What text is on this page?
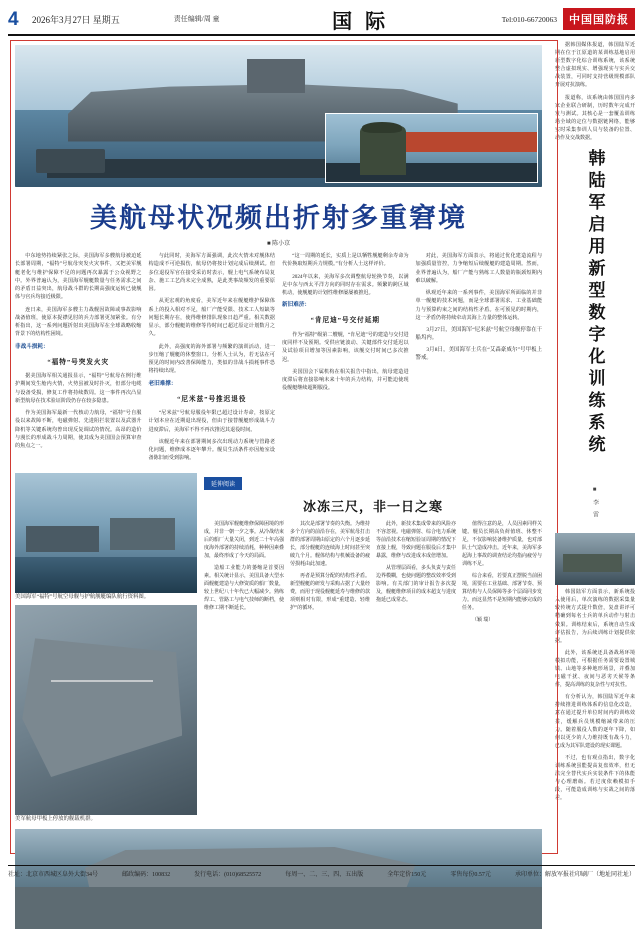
4	2026年3月27日 星期五	责任编辑/周 童	国 际	Tel:010-66720063	中国国防报
美航母状况频出折射多重窘境
■ 陈小京

中东地势持续紧张之际，美国海军多艘航母被迫延长部署周期，“福特”号航母突发火灾事件，又把美军舰艇老化与维护保障不足的问题再次暴露于公众视野之中。外界普遍认为，美国海军舰艇数量与任务需求之间的矛盾日益突出，航母战斗群的长期高强度运转已使舰体与官兵均接近极限。

连日来，美国海军多艘主力战舰因故障或事故影响战备值班，使原本捉襟见肘的兵力部署更加紧张。有分析指出，这一系列问题折射出美国海军在全球战略收缩背景下的结构性困境。

非战斗损耗：
“福特”号突发火灾

据美国海军相关通报显示，“福特”号航母在例行维护期间发生舱内火情，火势虽被及时扑灭，但部分电缆与设备受损，修复工作将持续数周。这一事件再次凸显新型航母在技术验证阶段仍存在较多隐患。

作为美国海军最新一代核动力航母，“福特”号自服役以来故障不断，电磁弹射、先进阻拦装置以及武器升降机等关键系统均曾出现反复调试的情况。高昂的造价与漫长的形成战斗力周期，使其成为美国国会预算审查的焦点之一。

与此同时，美海军方面强调，此次火情未对舰体结构造成不可逆损伤，航母仍将按计划完成后续测试。但多位退役军官在接受采访时表示，舰上电气系统布局复杂、施工工艺尚未完全成熟，是此类事故频发的重要原因。

从更宏观的角度看，美军近年来在舰艇维护保障体系上的投入相对不足，船厂产能受限、技术工人短缺等问题长期存在，使得维修排队现象日趋严重。相关数据显示，部分舰艇的维修等待时间已超过原定计划数月之久。

此外，高强度的海外部署与频繁的演训活动，进一步压缩了舰艇的休整窗口。分析人士认为，若无法在可预见的时间内改善保障能力，类似的非战斗损耗事件恐将持续出现。

老旧难撑：
“尼米兹”号推迟退役

“尼米兹”号航母服役年限已超过设计寿命，按原定计划本应在近期退出现役，但由于接替舰艇形成战斗力进度滞后，美海军不得不再次推迟其退役时间。

该舰近年来在部署期间多次出现动力系统与管路老化问题，维修成本逐年攀升。舰员生活条件亦因舱室设备陈旧而受到影响。

“这一周期的延长，实质上是以牺牲舰艇剩余寿命为代价换取短期兵力规模。”有分析人士这样评价。

2024年以来，美海军多次调整航母轮换节奏，以满足中东与西太平洋方向的同时存在需求。频繁的跨区域机动，使舰艇的计划性维修屡屡被推迟。

新旧难济：
“肯尼迪”号交付延期

作为“福特”级第二艘舰，“肯尼迪”号的建造与交付进度同样不及预期。受供应链波动、关键部件交付延迟以及试验项目增加等因素影响，该舰交付时间已多次推迟。

美国国会下属机构在相关报告中指出，航母建造进度滞后将直接影响未来十年的兵力结构，并可能迫使现役舰艇继续超期服役。

对此，美国海军方面表示，将通过优化建造流程与加强质量管控，力争缩短后续舰艇的建造周期。然而，业界普遍认为，船厂产能与熟练工人数量的瓶颈短期内难以破解。

纵观近年来的一系列事件，美国海军所面临的并非单一舰艇的技术问题，而是全球部署需求、工业基础能力与预算约束之间的结构性矛盾。在可预见的时期内，这一矛盾仍将持续牵动其海上力量的整体运转。

3月27日，美国海军“尼米兹”号航空母舰停靠在干船坞内。

3月8日，美国海军士兵在“艾森豪威尔”号甲板上警戒。

美国海军“福特”号航空母舰与护航舰艇编队航行资料图。
美军航母甲板上停放的舰载机群。
延伸阅读
冰冻三尺，非一日之寒

美国海军舰艇维修保障困境的形成，并非一朝一夕之事。从冷战结束后的船厂大量关闭，到近二十年高强度海外部署的持续消耗，种种因素叠加，最终形成了今天的局面。

造船工业能力的萎缩是首要因素。相关统计显示，美国具备大型水面舰艇建造与大修资质的船厂数量，较上世纪八十年代已大幅减少。熟练焊工、管路工与电气技师的断档，使维修工期不断延长。

其次是部署节奏的失衡。为维持多个方向的前沿存在，美军航母打击群的部署周期由原定的六个月逐步延长，部分舰艇的连续海上时间甚至突破九个月。舰体结构与机械设备的疲劳损耗由此加速。

再者是预算分配的结构性矛盾。新型舰艇的研发与采购占据了大量经费，而用于现役舰艇延寿与维修的款项则相对有限，形成“重建造、轻维护”的循环。

此外，新技术集成带来的风险亦不容忽视。电磁弹射、综合电力系统等前沿技术在缩短验证周期的情况下直接上舰，导致问题在服役后才集中暴露，维修与改进成本成倍增加。

从管理层面看，多头负责与责任边界模糊，也使问题的整改效率受到影响。有关部门的审计报告多次提及，舰艇维修项目的成本超支与进度拖延已成常态。

值得注意的是，人员因素同样关键。舰员长期高负荷值班、休整不足，不仅影响装备维护质量，也对部队士气造成冲击。近年来，美海军多起海上事故的调查结论均指向疲劳与训练不足。

综合来看，若要真正摆脱当前困境，需要在工业基础、部署节奏、预算结构与人员保障等多个层面同步发力。而这显然不是短期内能够完成的任务。

（颖 瑞）

据韩国媒体报道，韩国陆军近期在位于江原道的某训练基地启用新型数字化综合训练系统，该系统整合虚拟现实、增强现实与实兵交战装置，可同时支持营级规模部队开展对抗演练。

报道称，该系统由韩国国内多家企业联合研制，历时数年完成开发与测试。其核心是一套覆盖训练场全域的定位与数据链网络，能够实时采集参训人员与装备的位置、动作及交战数据。

韩陆军启用新型数字化训练系统
■ 李 雷

韩国陆军方面表示，新系统投入使用后，单次演练的数据采集量较传统方式提升数倍，复盘讲评可精确到每名士兵的单兵动作与射击效果。训练结束后，系统自动生成评估报告，为后续训练计划提供依据。

此外，该系统还具备战场环境模拟功能，可根据任务需要设置城镇、山地等多种地形场景，并叠加电磁干扰、夜间与恶劣天候等条件，提高训练的复杂性与对抗性。

有分析认为，韩国陆军近年来持续推进训练体系的信息化改造，意在通过提升单位时间内的训练效益，缓解兵员规模缩减带来的压力。随着服役人数的逐年下降，如何以更少的人力维持既有战斗力，已成为其军队建设的现实课题。

不过，也有观点指出，数字化训练系统虽能提高复盘效率，但无法完全替代实兵实装条件下的体能与心理磨砺。若过度依赖模拟手段，可能造成训练与实战之间的落差。

社址：北京市西城区阜外大街34号	邮政编码：100832	发行电话：(010)68525572	每周一、二、三、四、五出版	全年定价150元	零售每份0.57元	承印单位：解放军报社印刷厂（地址同社址）
